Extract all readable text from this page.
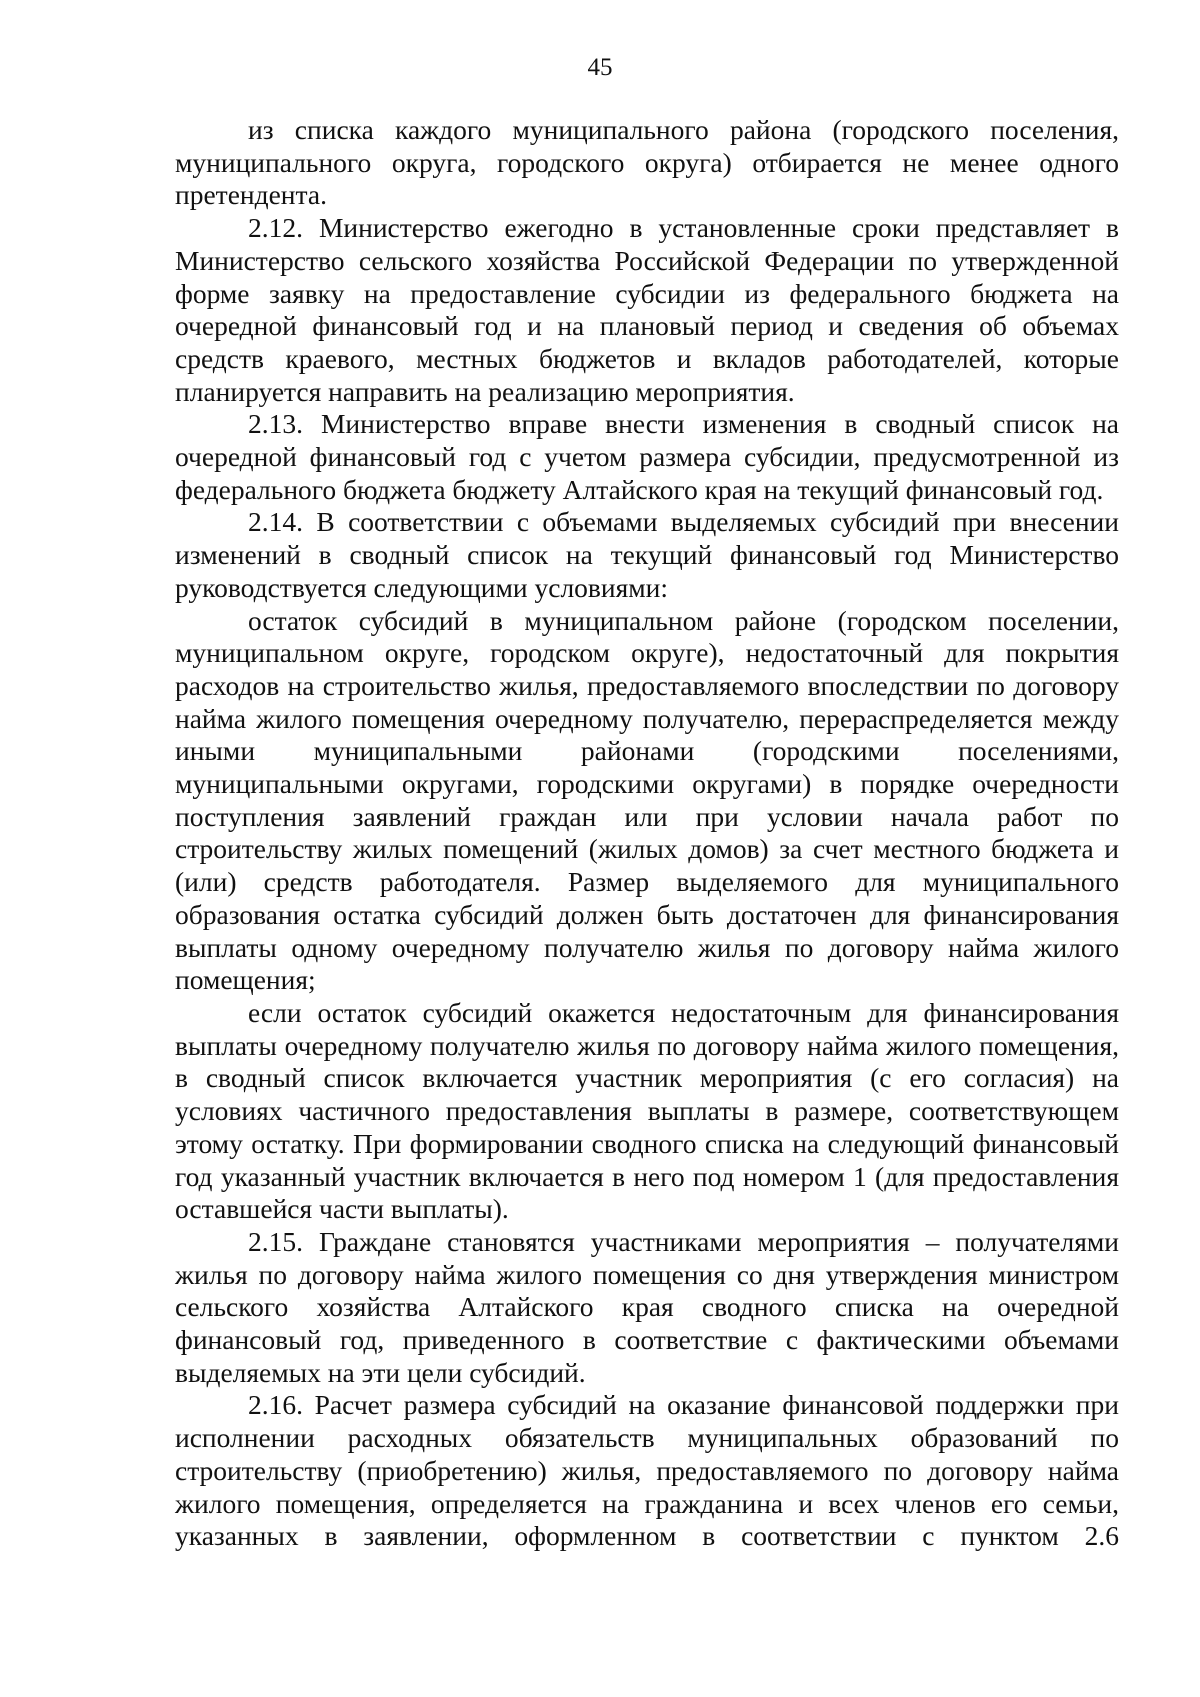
45

из списка каждого муниципального района (городского поселения, муниципального округа, городского округа) отбирается не менее одного претендента.

2.12. Министерство ежегодно в установленные сроки представляет в Министерство сельского хозяйства Российской Федерации по утвержденной форме заявку на предоставление субсидии из федерального бюджета на очередной финансовый год и на плановый период и сведения об объемах средств краевого, местных бюджетов и вкладов работодателей, которые планируется направить на реализацию мероприятия.

2.13. Министерство вправе внести изменения в сводный список на очередной финансовый год с учетом размера субсидии, предусмотренной из федерального бюджета бюджету Алтайского края на текущий финансовый год.

2.14. В соответствии с объемами выделяемых субсидий при внесении изменений в сводный список на текущий финансовый год Министерство руководствуется следующими условиями:

остаток субсидий в муниципальном районе (городском поселении, муниципальном округе, городском округе), недостаточный для покрытия расходов на строительство жилья, предоставляемого впоследствии по договору найма жилого помещения очередному получателю, перераспределяется между иными муниципальными районами (городскими поселениями, муниципальными округами, городскими округами) в порядке очередности поступления заявлений граждан или при условии начала работ по строительству жилых помещений (жилых домов) за счет местного бюджета и (или) средств работодателя. Размер выделяемого для муниципального образования остатка субсидий должен быть достаточен для финансирования выплаты одному очередному получателю жилья по договору найма жилого помещения;

если остаток субсидий окажется недостаточным для финансирования выплаты очередному получателю жилья по договору найма жилого помещения, в сводный список включается участник мероприятия (с его согласия) на условиях частичного предоставления выплаты в размере, соответствующем этому остатку. При формировании сводного списка на следующий финансовый год указанный участник включается в него под номером 1 (для предоставления оставшейся части выплаты).

2.15. Граждане становятся участниками мероприятия – получателями жилья по договору найма жилого помещения со дня утверждения министром сельского хозяйства Алтайского края сводного списка на очередной финансовый год, приведенного в соответствие с фактическими объемами выделяемых на эти цели субсидий.

2.16. Расчет размера субсидий на оказание финансовой поддержки при исполнении расходных обязательств муниципальных образований по строительству (приобретению) жилья, предоставляемого по договору найма жилого помещения, определяется на гражданина и всех членов его семьи, указанных в заявлении, оформленном в соответствии с пунктом 2.6
